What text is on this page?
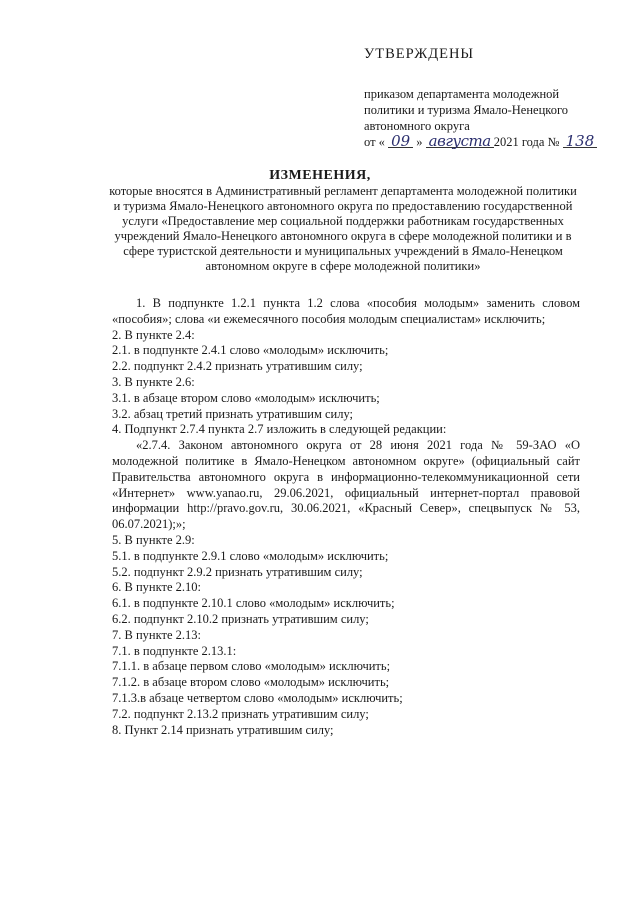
УТВЕРЖДЕНЫ
приказом департамента молодежной политики и туризма Ямало-Ненецкого автономного округа
от « 09 » августа 2021 года № 138
ИЗМЕНЕНИЯ,
которые вносятся в Административный регламент департамента молодежной политики и туризма Ямало-Ненецкого автономного округа по предоставлению государственной услуги «Предоставление мер социальной поддержки работникам государственных учреждений Ямало-Ненецкого автономного округа в сфере молодежной политики и в сфере туристской деятельности и муниципальных учреждений в Ямало-Ненецком автономном округе в сфере молодежной политики»

1. В подпункте 1.2.1 пункта 1.2 слова «пособия молодым» заменить словом «пособия»; слова «и ежемесячного пособия молодым специалистам» исключить;

2. В пункте 2.4:

2.1. в подпункте 2.4.1 слово «молодым» исключить;

2.2. подпункт 2.4.2 признать утратившим силу;

3. В пункте 2.6:

3.1. в абзаце втором слово «молодым» исключить;

3.2. абзац третий признать утратившим силу;

4. Подпункт 2.7.4 пункта 2.7 изложить в следующей редакции:

«2.7.4. Законом автономного округа от 28 июня 2021 года № 59-ЗАО «О молодежной политике в Ямало-Ненецком автономном округе» (официальный сайт Правительства автономного округа в информационно-телекоммуникационной сети «Интернет» www.yanao.ru, 29.06.2021, официальный интернет-портал правовой информации http://pravo.gov.ru, 30.06.2021, «Красный Север», спецвыпуск № 53, 06.07.2021);»;

5. В пункте 2.9:

5.1. в подпункте 2.9.1 слово «молодым» исключить;

5.2. подпункт 2.9.2 признать утратившим силу;

6. В пункте 2.10:

6.1. в подпункте 2.10.1 слово «молодым» исключить;

6.2. подпункт 2.10.2 признать утратившим силу;

7. В пункте 2.13:

7.1. в подпункте 2.13.1:

7.1.1. в абзаце первом слово «молодым» исключить;

7.1.2. в абзаце втором слово «молодым» исключить;

7.1.3.в абзаце четвертом слово «молодым» исключить;

7.2. подпункт 2.13.2 признать утратившим силу;

8. Пункт 2.14 признать утратившим силу;
